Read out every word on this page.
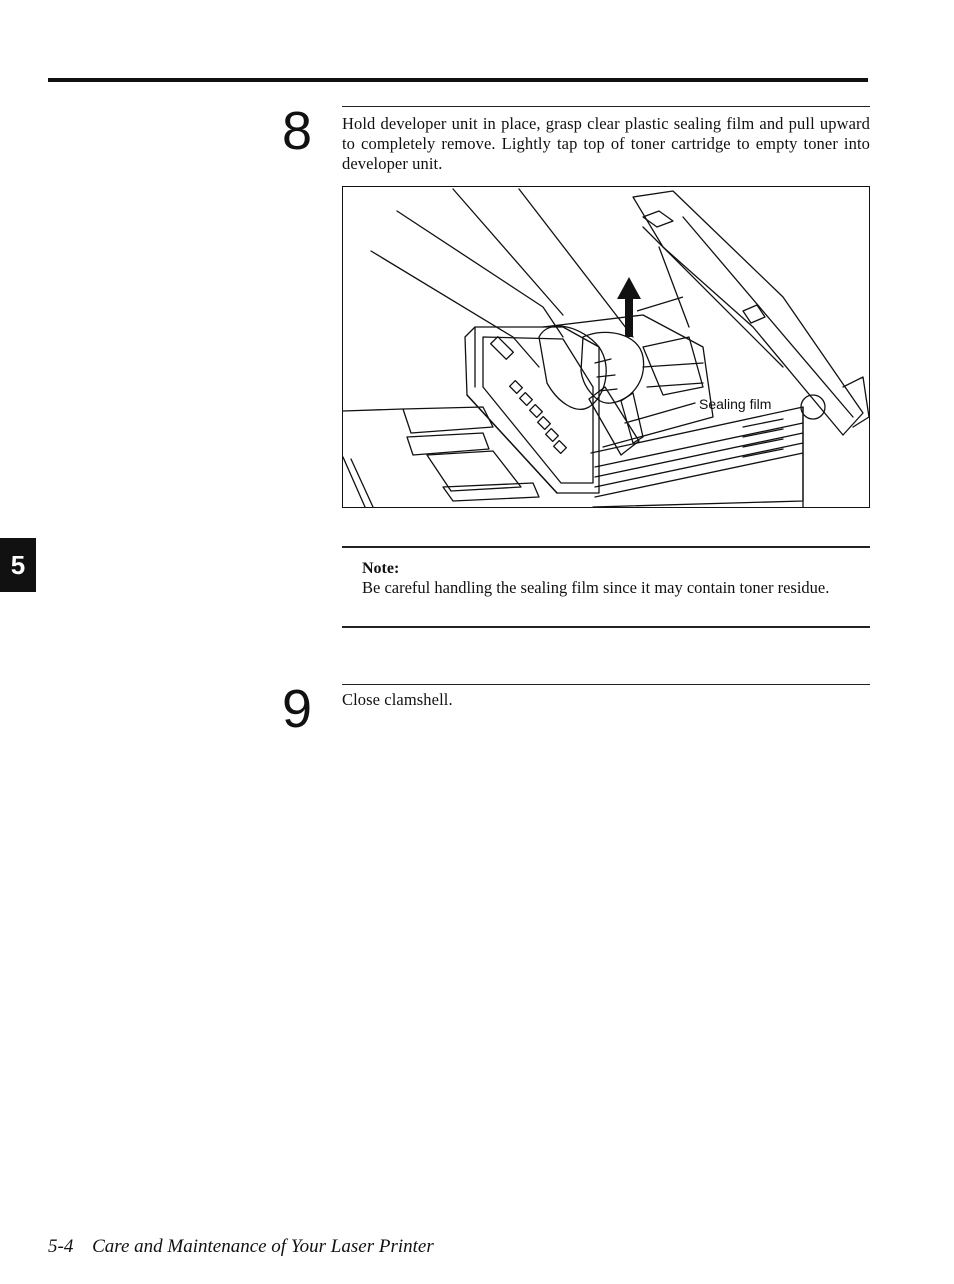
8 Hold developer unit in place, grasp clear plastic sealing film and pull upward to completely remove. Lightly tap top of toner cartridge to empty toner into developer unit.
Sealing film
5	Note:
Be careful handling the sealing film since it may contain toner residue.
9 Close clamshell.
5-4 Care and Maintenance of Your Laser Printer
